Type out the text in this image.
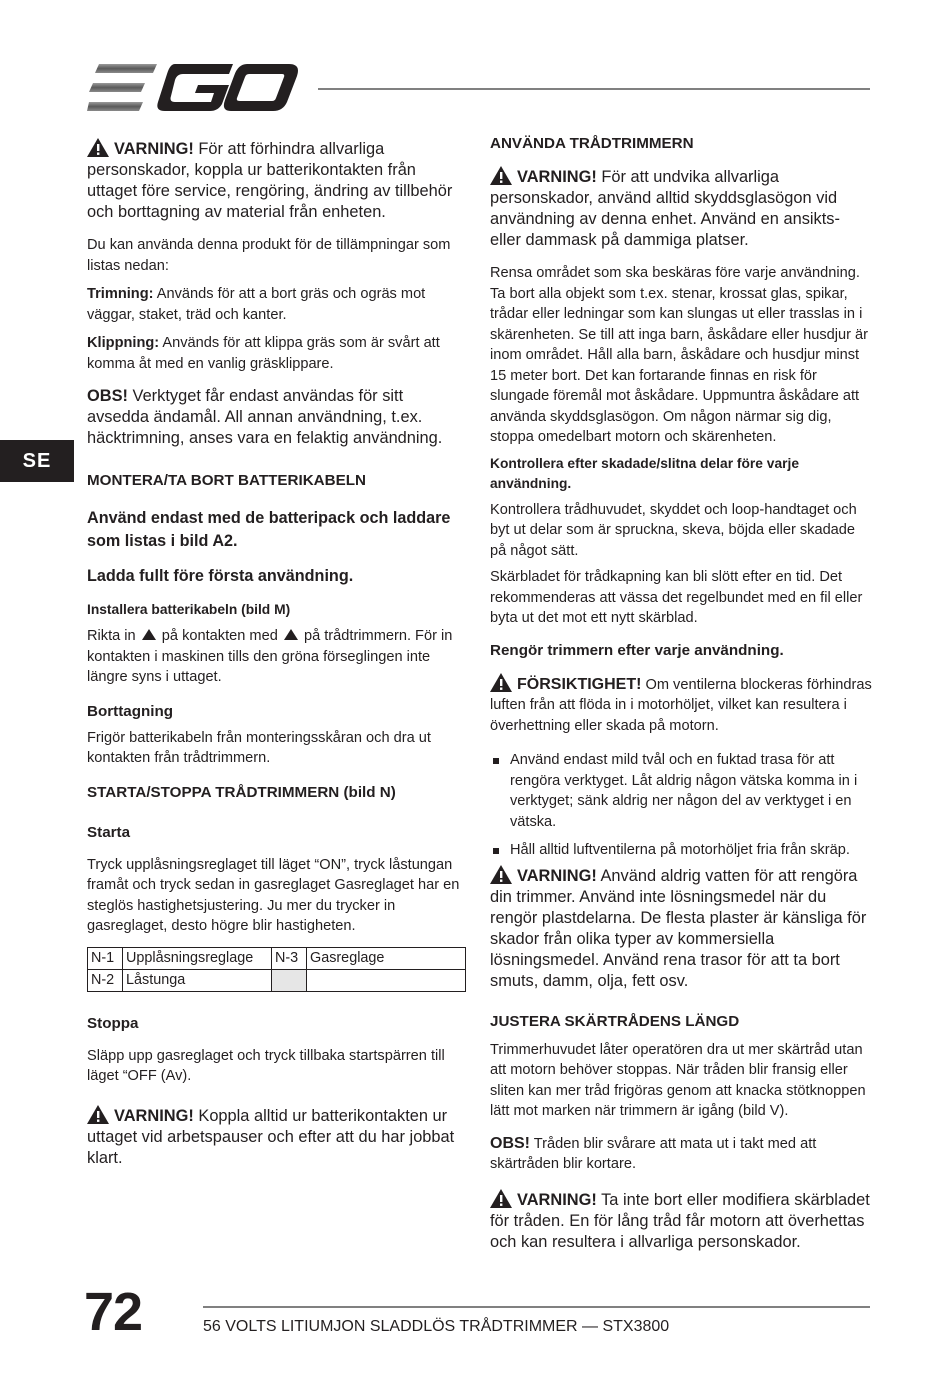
SE

VARNING! För att förhindra allvarliga personskador, koppla ur batterikontakten från uttaget före service, rengöring, ändring av tillbehör och borttagning av material från enheten.

Du kan använda denna produkt för de tillämpningar som listas nedan:

Trimning: Används för att a bort gräs och ogräs mot väggar, staket, träd och kanter.

Klippning: Används för att klippa gräs som är svårt att komma åt med en vanlig gräsklippare.

OBS! Verktyget får endast användas för sitt avsedda ändamål. All annan användning, t.ex. häcktrimning, anses vara en felaktig användning.

MONTERA/TA BORT BATTERIKABELN

Använd endast med de batteripack och laddare som listas i bild A2.

Ladda fullt före första användning.

Installera batterikabeln (bild M)

Rikta in på kontakten med på trådtrimmern. För in kontakten i maskinen tills den gröna förseglingen inte längre syns i uttaget.

Borttagning

Frigör batterikabeln från monteringsskåran och dra ut kontakten från trådtrimmern.

STARTA/STOPPA TRÅDTRIMMERN (bild N)

Starta

Tryck upplåsningsreglaget till läget “ON”, tryck låstungan framåt och tryck sedan in gasreglaget Gasreglaget har en steglös hastighetsjustering. Ju mer du trycker in gasreglaget, desto högre blir hastigheten.

N-1	Upplåsningsreglage	N-3	Gasreglage
N-2	Låstunga		

Stoppa

Släpp upp gasreglaget och tryck tillbaka startspärren till läget “OFF (Av).

VARNING! Koppla alltid ur batterikontakten ur uttaget vid arbetspauser och efter att du har jobbat klart.

ANVÄNDA TRÅDTRIMMERN

VARNING! För att undvika allvarliga personskador, använd alltid skyddsglasögon vid användning av denna enhet. Använd en ansikts- eller dammask på dammiga platser.

Rensa området som ska beskäras före varje användning. Ta bort alla objekt som t.ex. stenar, krossat glas, spikar, trådar eller ledningar som kan slungas ut eller trasslas in i skärenheten. Se till att inga barn, åskådare eller husdjur är inom området. Håll alla barn, åskådare och husdjur minst 15 meter bort. Det kan fortarande finnas en risk för slungade föremål mot åskådare. Uppmuntra åskådare att använda skyddsglasögon. Om någon närmar sig dig, stoppa omedelbart motorn och skärenheten.

Kontrollera efter skadade/slitna delar före varje användning.

Kontrollera trådhuvudet, skyddet och loop-handtaget och byt ut delar som är spruckna, skeva, böjda eller skadade på något sätt.

Skärbladet för trådkapning kan bli slött efter en tid. Det rekommenderas att vässa det regelbundet med en fil eller byta ut det mot ett nytt skärblad.

Rengör trimmern efter varje användning.

FÖRSIKTIGHET! Om ventilerna blockeras förhindras luften från att flöda in i motorhöljet, vilket kan resultera i överhettning eller skada på motorn.

Använd endast mild tvål och en fuktad trasa för att rengöra verktyget. Låt aldrig någon vätska komma in i verktyget; sänk aldrig ner någon del av verktyget i en vätska.
Håll alltid luftventilerna på motorhöljet fria från skräp.

VARNING! Använd aldrig vatten för att rengöra din trimmer. Använd inte lösningsmedel när du rengör plastdelarna. De flesta plaster är känsliga för skador från olika typer av kommersiella lösningsmedel. Använd rena trasor för att ta bort smuts, damm, olja, fett osv.

JUSTERA SKÄRTRÅDENS LÄNGD

Trimmerhuvudet låter operatören dra ut mer skärtråd utan att motorn behöver stoppas. När tråden blir fransig eller sliten kan mer tråd frigöras genom att knacka stötknoppen lätt mot marken när trimmern är igång (bild V).

OBS! Tråden blir svårare att mata ut i takt med att skärtråden blir kortare.

VARNING! Ta inte bort eller modifiera skärbladet för tråden. En för lång tråd får motorn att överhettas och kan resultera i allvarliga personskador.

72	56 VOLTS LITIUMJON SLADDLÖS TRÅDTRIMMER — STX3800
